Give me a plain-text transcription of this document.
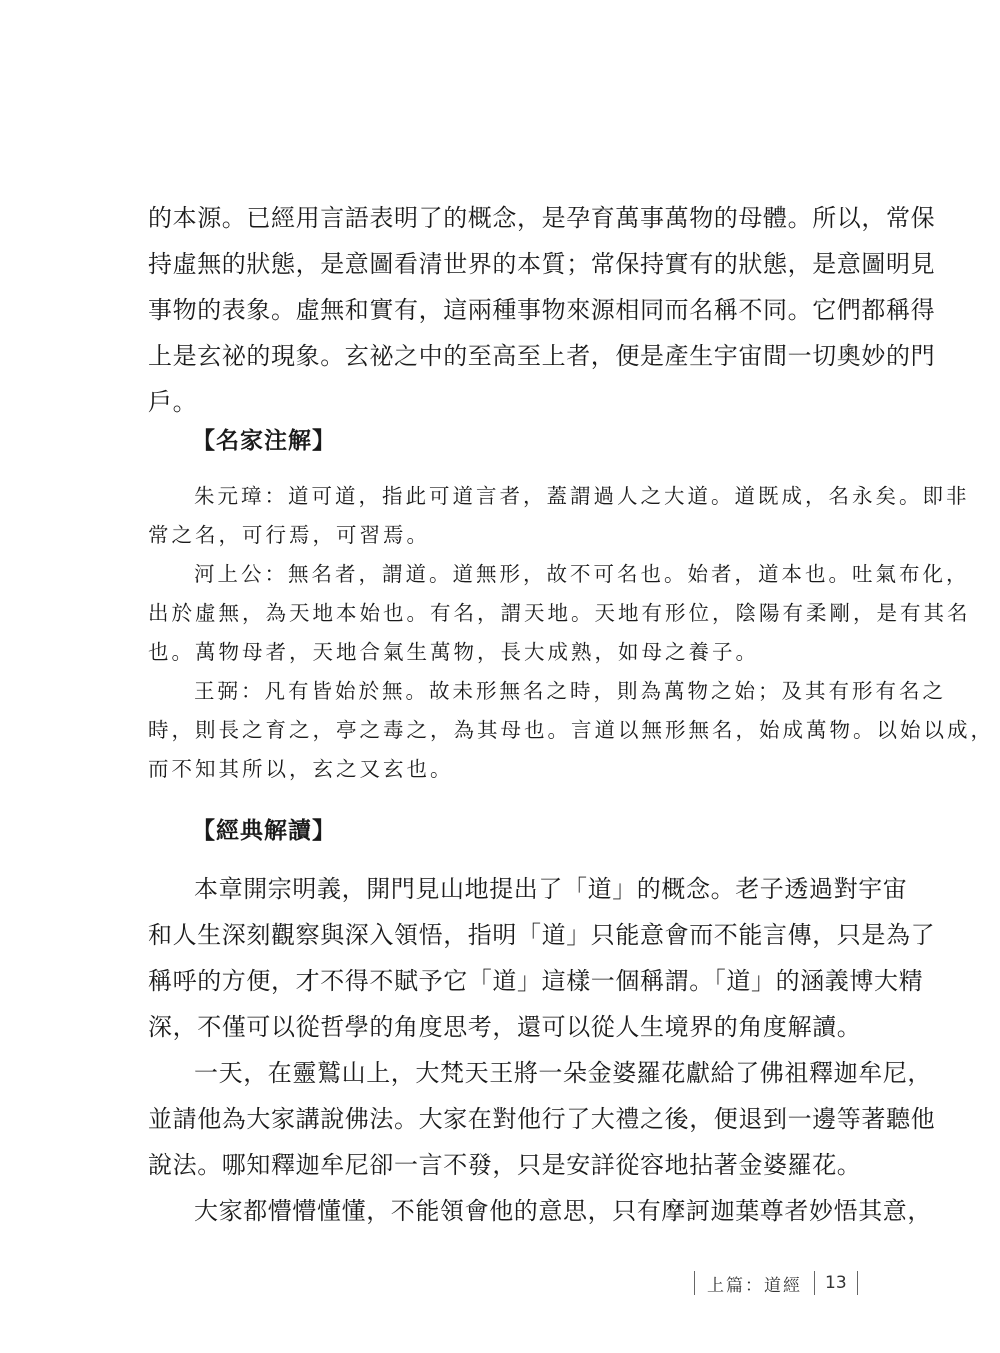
的本源。已經用言語表明了的概念，是孕育萬事萬物的母體。所以，常保
持虛無的狀態，是意圖看清世界的本質；常保持實有的狀態，是意圖明見
事物的表象。虛無和實有，這兩種事物來源相同而名稱不同。它們都稱得
上是玄祕的現象。玄祕之中的至高至上者，便是產生宇宙間一切奧妙的門
戶。
【名家注解】
朱元璋：道可道，指此可道言者，蓋謂過人之大道。道既成，名永矣。即非
常之名，可行焉，可習焉。
河上公：無名者，謂道。道無形，故不可名也。始者，道本也。吐氣布化，
出於虛無，為天地本始也。有名，謂天地。天地有形位，陰陽有柔剛，是有其名
也。萬物母者，天地合氣生萬物，長大成熟，如母之養子。
王弼：凡有皆始於無。故未形無名之時，則為萬物之始；及其有形有名之
時，則長之育之，亭之毒之，為其母也。言道以無形無名，始成萬物。以始以成，
而不知其所以，玄之又玄也。
【經典解讀】
本章開宗明義，開門見山地提出了「道」的概念。老子透過對宇宙
和人生深刻觀察與深入領悟，指明「道」只能意會而不能言傳，只是為了
稱呼的方便，才不得不賦予它「道」這樣一個稱謂。「道」的涵義博大精
深，不僅可以從哲學的角度思考，還可以從人生境界的角度解讀。
一天，在靈鷲山上，大梵天王將一朵金婆羅花獻給了佛祖釋迦牟尼，
並請他為大家講說佛法。大家在對他行了大禮之後，便退到一邊等著聽他
說法。哪知釋迦牟尼卻一言不發，只是安詳從容地拈著金婆羅花。
大家都懵懵懂懂，不能領會他的意思，只有摩訶迦葉尊者妙悟其意，
上篇：道經	13
